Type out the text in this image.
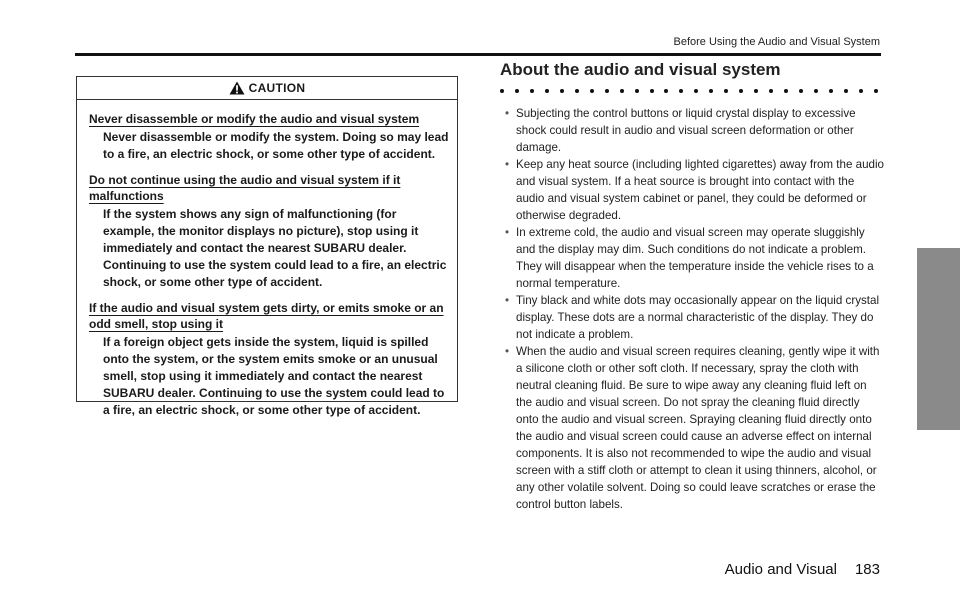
Before Using the Audio and Visual System
CAUTION

Never disassemble or modify the audio and visual system

Never disassemble or modify the system. Doing so may lead to a fire, an electric shock, or some other type of accident.

Do not continue using the audio and visual system if it malfunctions

If the system shows any sign of malfunctioning (for example, the monitor displays no picture), stop using it immediately and contact the nearest SUBARU dealer. Continuing to use the system could lead to a fire, an electric shock, or some other type of accident.

If the audio and visual system gets dirty, or emits smoke or an odd smell, stop using it

If a foreign object gets inside the system, liquid is spilled onto the system, or the system emits smoke or an unusual smell, stop using it immediately and contact the nearest SUBARU dealer. Continuing to use the system could lead to a fire, an electric shock, or some other type of accident.

About the audio and visual system
• Subjecting the control buttons or liquid crystal display to excessive shock could result in audio and visual screen deformation or other damage.
• Keep any heat source (including lighted cigarettes) away from the audio and visual system. If a heat source is brought into contact with the audio and visual system cabinet or panel, they could be deformed or otherwise degraded.
• In extreme cold, the audio and visual screen may operate sluggishly and the display may dim. Such conditions do not indicate a problem. They will disappear when the temperature inside the vehicle rises to a normal temperature.
• Tiny black and white dots may occasionally appear on the liquid crystal display. These dots are a normal characteristic of the display. They do not indicate a problem.
• When the audio and visual screen requires cleaning, gently wipe it with a silicone cloth or other soft cloth. If necessary, spray the cloth with neutral cleaning fluid. Be sure to wipe away any cleaning fluid left on the audio and visual screen. Do not spray the cleaning fluid directly onto the audio and visual screen. Spraying cleaning fluid directly onto the audio and visual screen could cause an adverse effect on internal components. It is also not recommended to wipe the audio and visual screen with a stiff cloth or attempt to clean it using thinners, alcohol, or any other volatile solvent. Doing so could leave scratches or erase the control button labels.
Audio and Visual 183
